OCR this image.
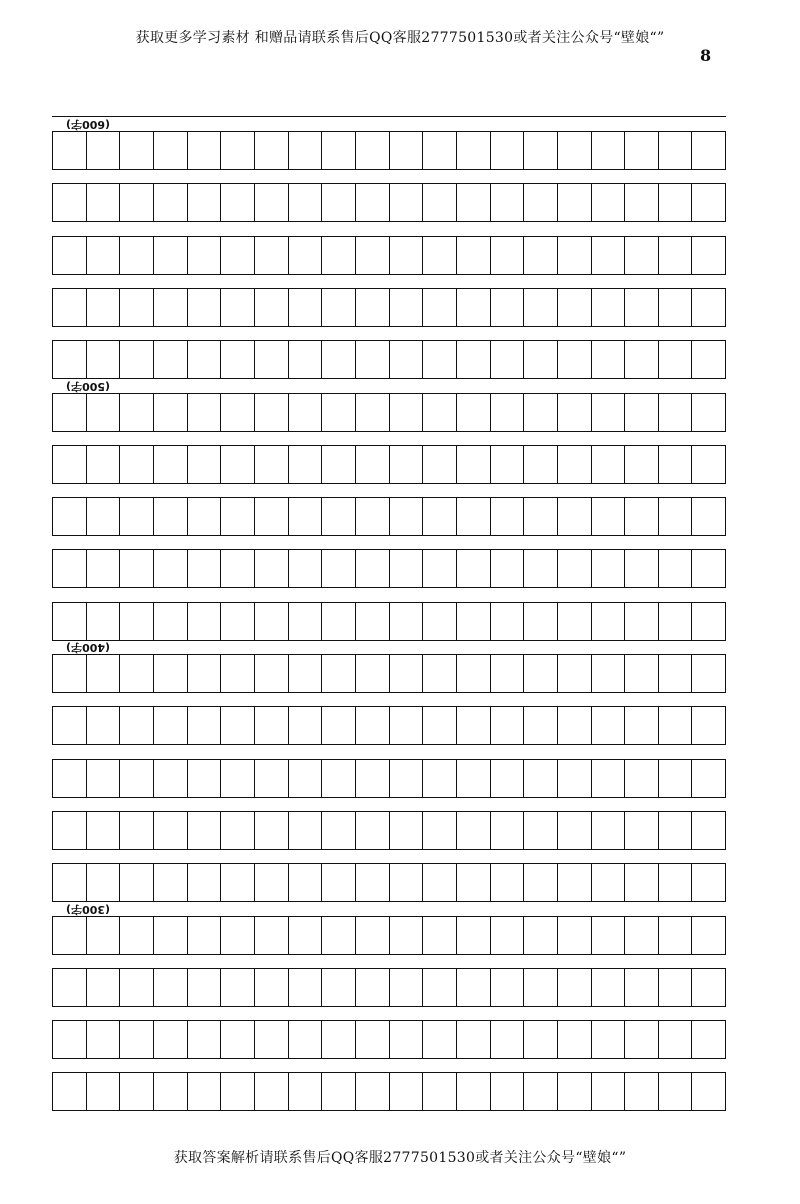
获取更多学习素材 和赠品请联系售后QQ客服2777501530或者关注公众号“壁娘“”
8
(600字)
(500字)
(400字)
(300字)
获取答案解析请联系售后QQ客服2777501530或者关注公众号“壁娘“”
